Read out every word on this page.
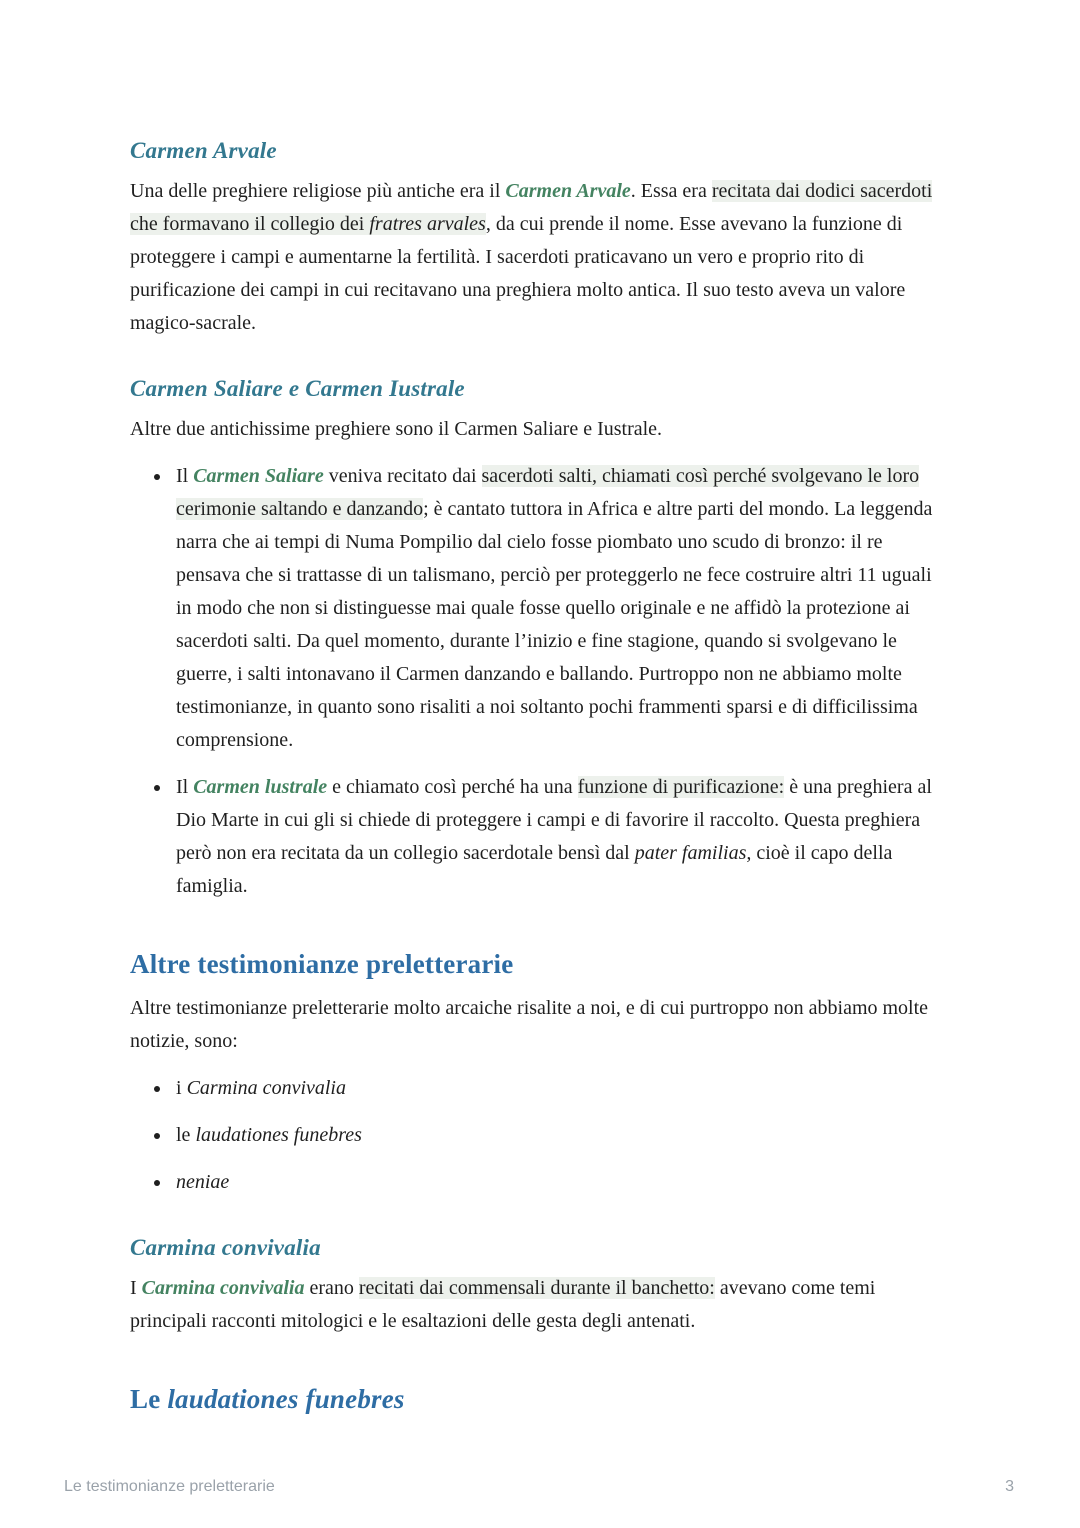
Carmen Arvale

Una delle preghiere religiose più antiche era il Carmen Arvale. Essa era recitata dai dodici sacerdoti che formavano il collegio dei fratres arvales, da cui prende il nome. Esse avevano la funzione di proteggere i campi e aumentarne la fertilità. I sacerdoti praticavano un vero e proprio rito di purificazione dei campi in cui recitavano una preghiera molto antica. Il suo testo aveva un valore magico-sacrale.

Carmen Saliare e Carmen Iustrale

Altre due antichissime preghiere sono il Carmen Saliare e Iustrale.

• Il Carmen Saliare veniva recitato dai sacerdoti salti, chiamati così perché svolgevano le loro cerimonie saltando e danzando; è cantato tuttora in Africa e altre parti del mondo. La leggenda narra che ai tempi di Numa Pompilio dal cielo fosse piombato uno scudo di bronzo: il re pensava che si trattasse di un talismano, perciò per proteggerlo ne fece costruire altri 11 uguali in modo che non si distinguesse mai quale fosse quello originale e ne affidò la protezione ai sacerdoti salti. Da quel momento, durante l’inizio e fine stagione, quando si svolgevano le guerre, i salti intonavano il Carmen danzando e ballando. Purtroppo non ne abbiamo molte testimonianze, in quanto sono risaliti a noi soltanto pochi frammenti sparsi e di difficilissima comprensione.
• Il Carmen lustrale e chiamato così perché ha una funzione di purificazione: è una preghiera al Dio Marte in cui gli si chiede di proteggere i campi e di favorire il raccolto. Questa preghiera però non era recitata da un collegio sacerdotale bensì dal pater familias, cioè il capo della famiglia.
Altre testimonianze preletterarie

Altre testimonianze preletterarie molto arcaiche risalite a noi, e di cui purtroppo non abbiamo molte notizie, sono:

• i Carmina convivalia
• le laudationes funebres
• neniae
Carmina convivalia

I Carmina convivalia erano recitati dai commensali durante il banchetto: avevano come temi principali racconti mitologici e le esaltazioni delle gesta degli antenati.

Le laudationes funebres
Le testimonianze preletterarie	3
